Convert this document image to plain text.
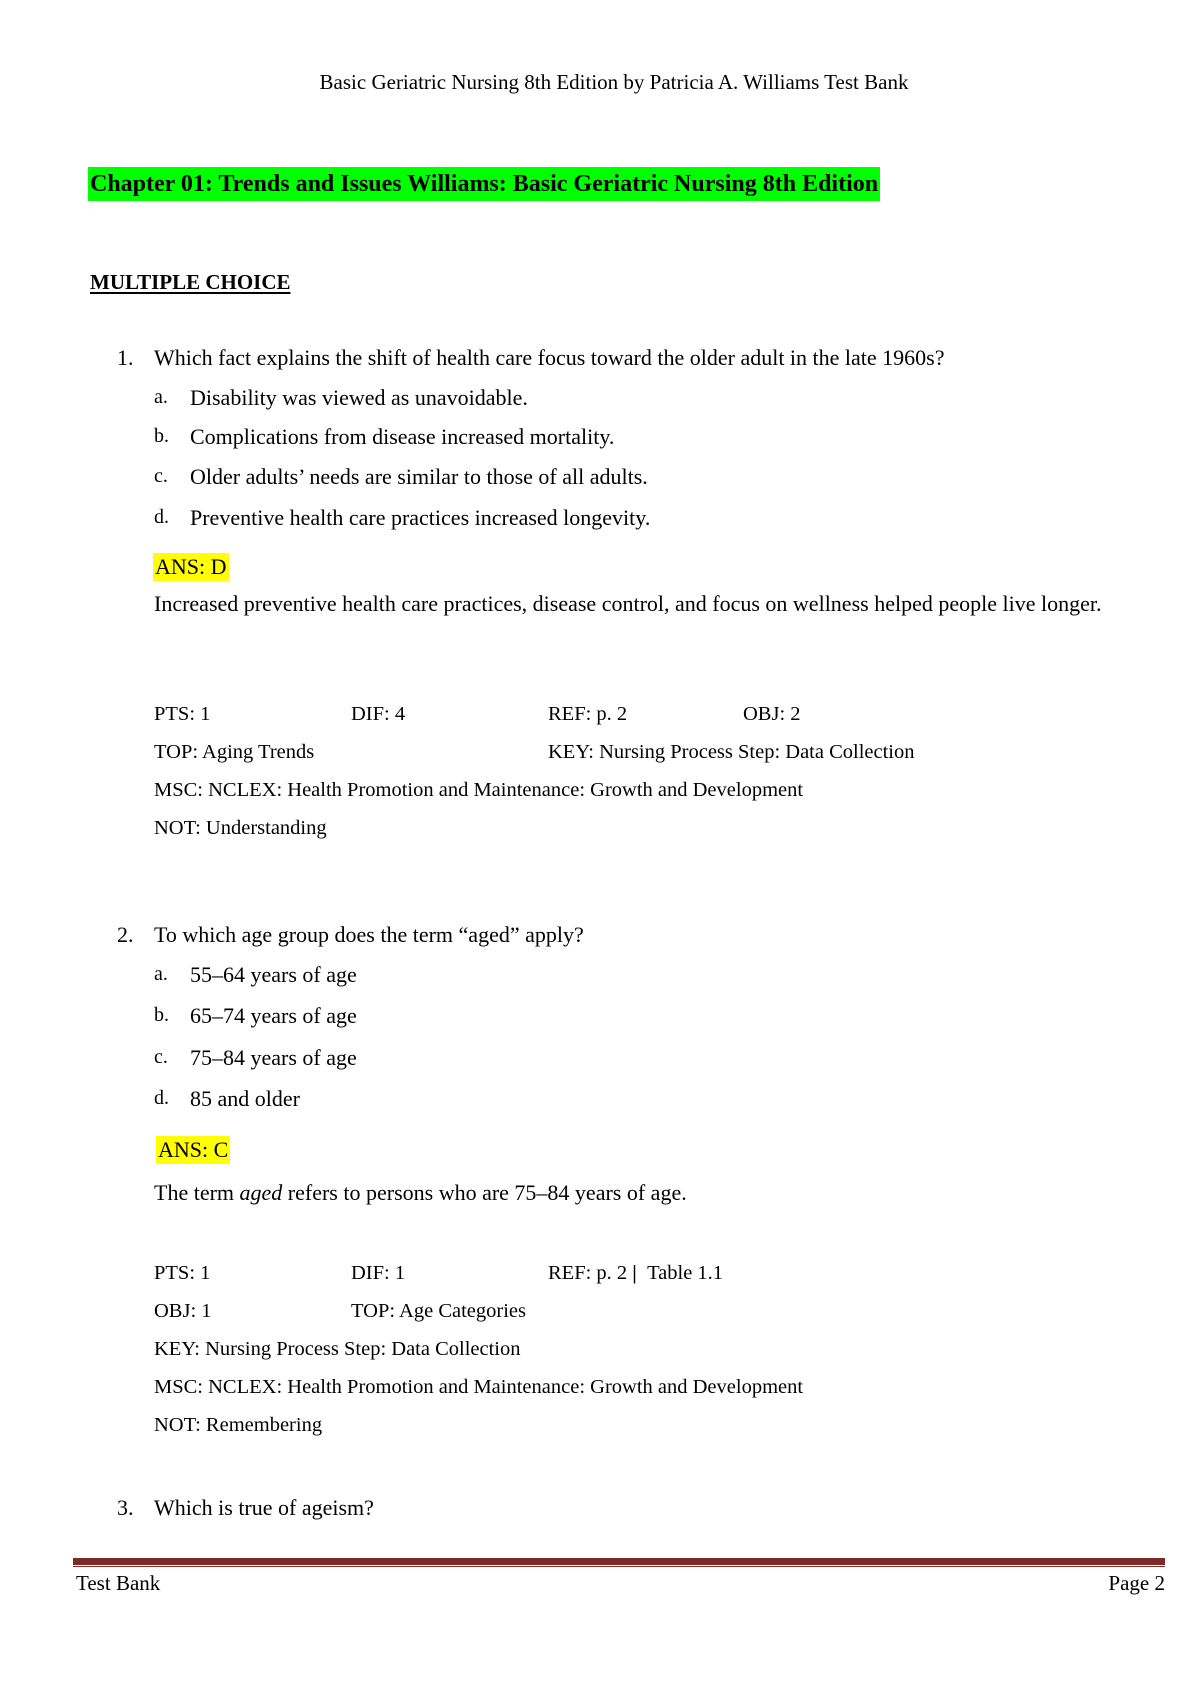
Basic Geriatric Nursing 8th Edition by Patricia A. Williams Test Bank
Chapter 01: Trends and Issues Williams: Basic Geriatric Nursing 8th Edition
MULTIPLE CHOICE
1. Which fact explains the shift of health care focus toward the older adult in the late 1960s?
a. Disability was viewed as unavoidable.
b. Complications from disease increased mortality.
c. Older adults’ needs are similar to those of all adults.
d. Preventive health care practices increased longevity.
ANS: D
Increased preventive health care practices, disease control, and focus on wellness helped people live longer.
PTS: 1	DIF: 4	REF: p. 2	OBJ: 2
TOP: Aging Trends	KEY: Nursing Process Step: Data Collection
MSC: NCLEX: Health Promotion and Maintenance: Growth and Development
NOT: Understanding
2. To which age group does the term “aged” apply?
a. 55–64 years of age
b. 65–74 years of age
c. 75–84 years of age
d. 85 and older
ANS: C
The term aged refers to persons who are 75–84 years of age.
PTS: 1	DIF: 1	REF: p. 2 | Table 1.1
OBJ: 1	TOP: Age Categories
KEY: Nursing Process Step: Data Collection
MSC: NCLEX: Health Promotion and Maintenance: Growth and Development
NOT: Remembering
3. Which is true of ageism?
Test Bank	Page 2
